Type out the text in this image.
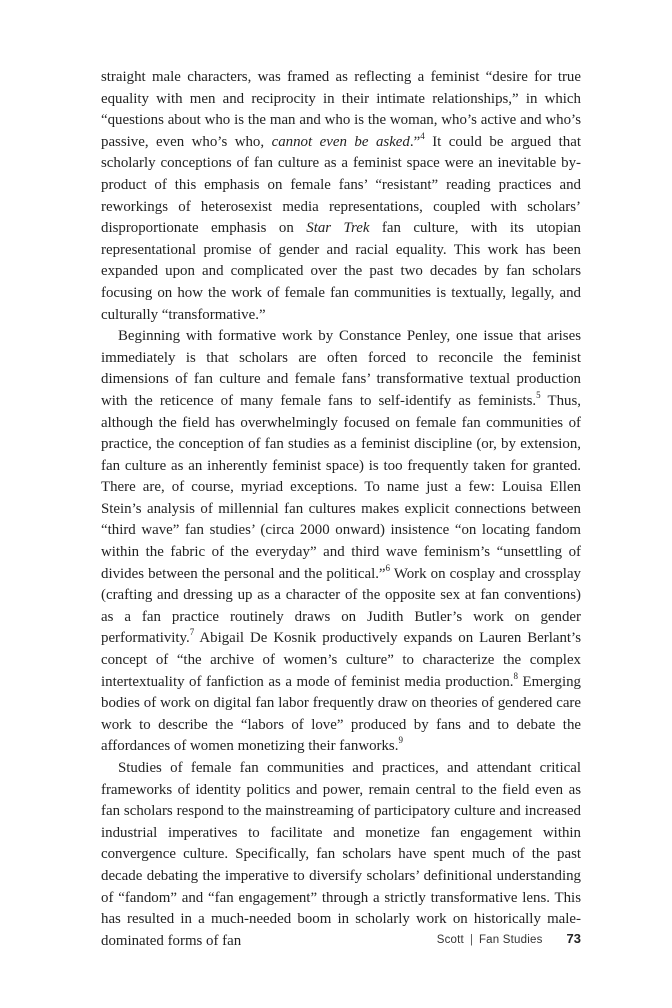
straight male characters, was framed as reflecting a feminist “desire for true equality with men and reciprocity in their intimate relationships,” in which “questions about who is the man and who is the woman, who’s active and who’s passive, even who’s who, cannot even be asked.”$^4$ It could be argued that scholarly conceptions of fan culture as a feminist space were an inevitable by-product of this emphasis on female fans’ “resistant” reading practices and reworkings of heterosexist media representations, coupled with scholars’ disproportionate emphasis on Star Trek fan culture, with its utopian representational promise of gender and racial equality. This work has been expanded upon and complicated over the past two decades by fan scholars focusing on how the work of female fan communities is textually, legally, and culturally “transformative.”

Beginning with formative work by Constance Penley, one issue that arises immediately is that scholars are often forced to reconcile the feminist dimensions of fan culture and female fans’ transformative textual production with the reticence of many female fans to self-identify as feminists.$^5$ Thus, although the field has overwhelmingly focused on female fan communities of practice, the conception of fan studies as a feminist discipline (or, by extension, fan culture as an inherently feminist space) is too frequently taken for granted. There are, of course, myriad exceptions. To name just a few: Louisa Ellen Stein’s analysis of millennial fan cultures makes explicit connections between “third wave” fan studies’ (circa 2000 onward) insistence “on locating fandom within the fabric of the everyday” and third wave feminism’s “unsettling of divides between the personal and the political.”$^6$ Work on cosplay and crossplay (crafting and dressing up as a character of the opposite sex at fan conventions) as a fan practice routinely draws on Judith Butler’s work on gender performativity.$^7$ Abigail De Kosnik productively expands on Lauren Berlant’s concept of “the archive of women’s culture” to characterize the complex intertextuality of fanfiction as a mode of feminist media production.$^8$ Emerging bodies of work on digital fan labor frequently draw on theories of gendered care work to describe the “labors of love” produced by fans and to debate the affordances of women monetizing their fanworks.$^9$

Studies of female fan communities and practices, and attendant critical frameworks of identity politics and power, remain central to the field even as fan scholars respond to the mainstreaming of participatory culture and increased industrial imperatives to facilitate and monetize fan engagement within convergence culture. Specifically, fan scholars have spent much of the past decade debating the imperative to diversify scholars’ definitional understanding of “fandom” and “fan engagement” through a strictly transformative lens. This has resulted in a much-needed boom in scholarly work on historically male-dominated forms of fan	Scott | Fan Studies 73
